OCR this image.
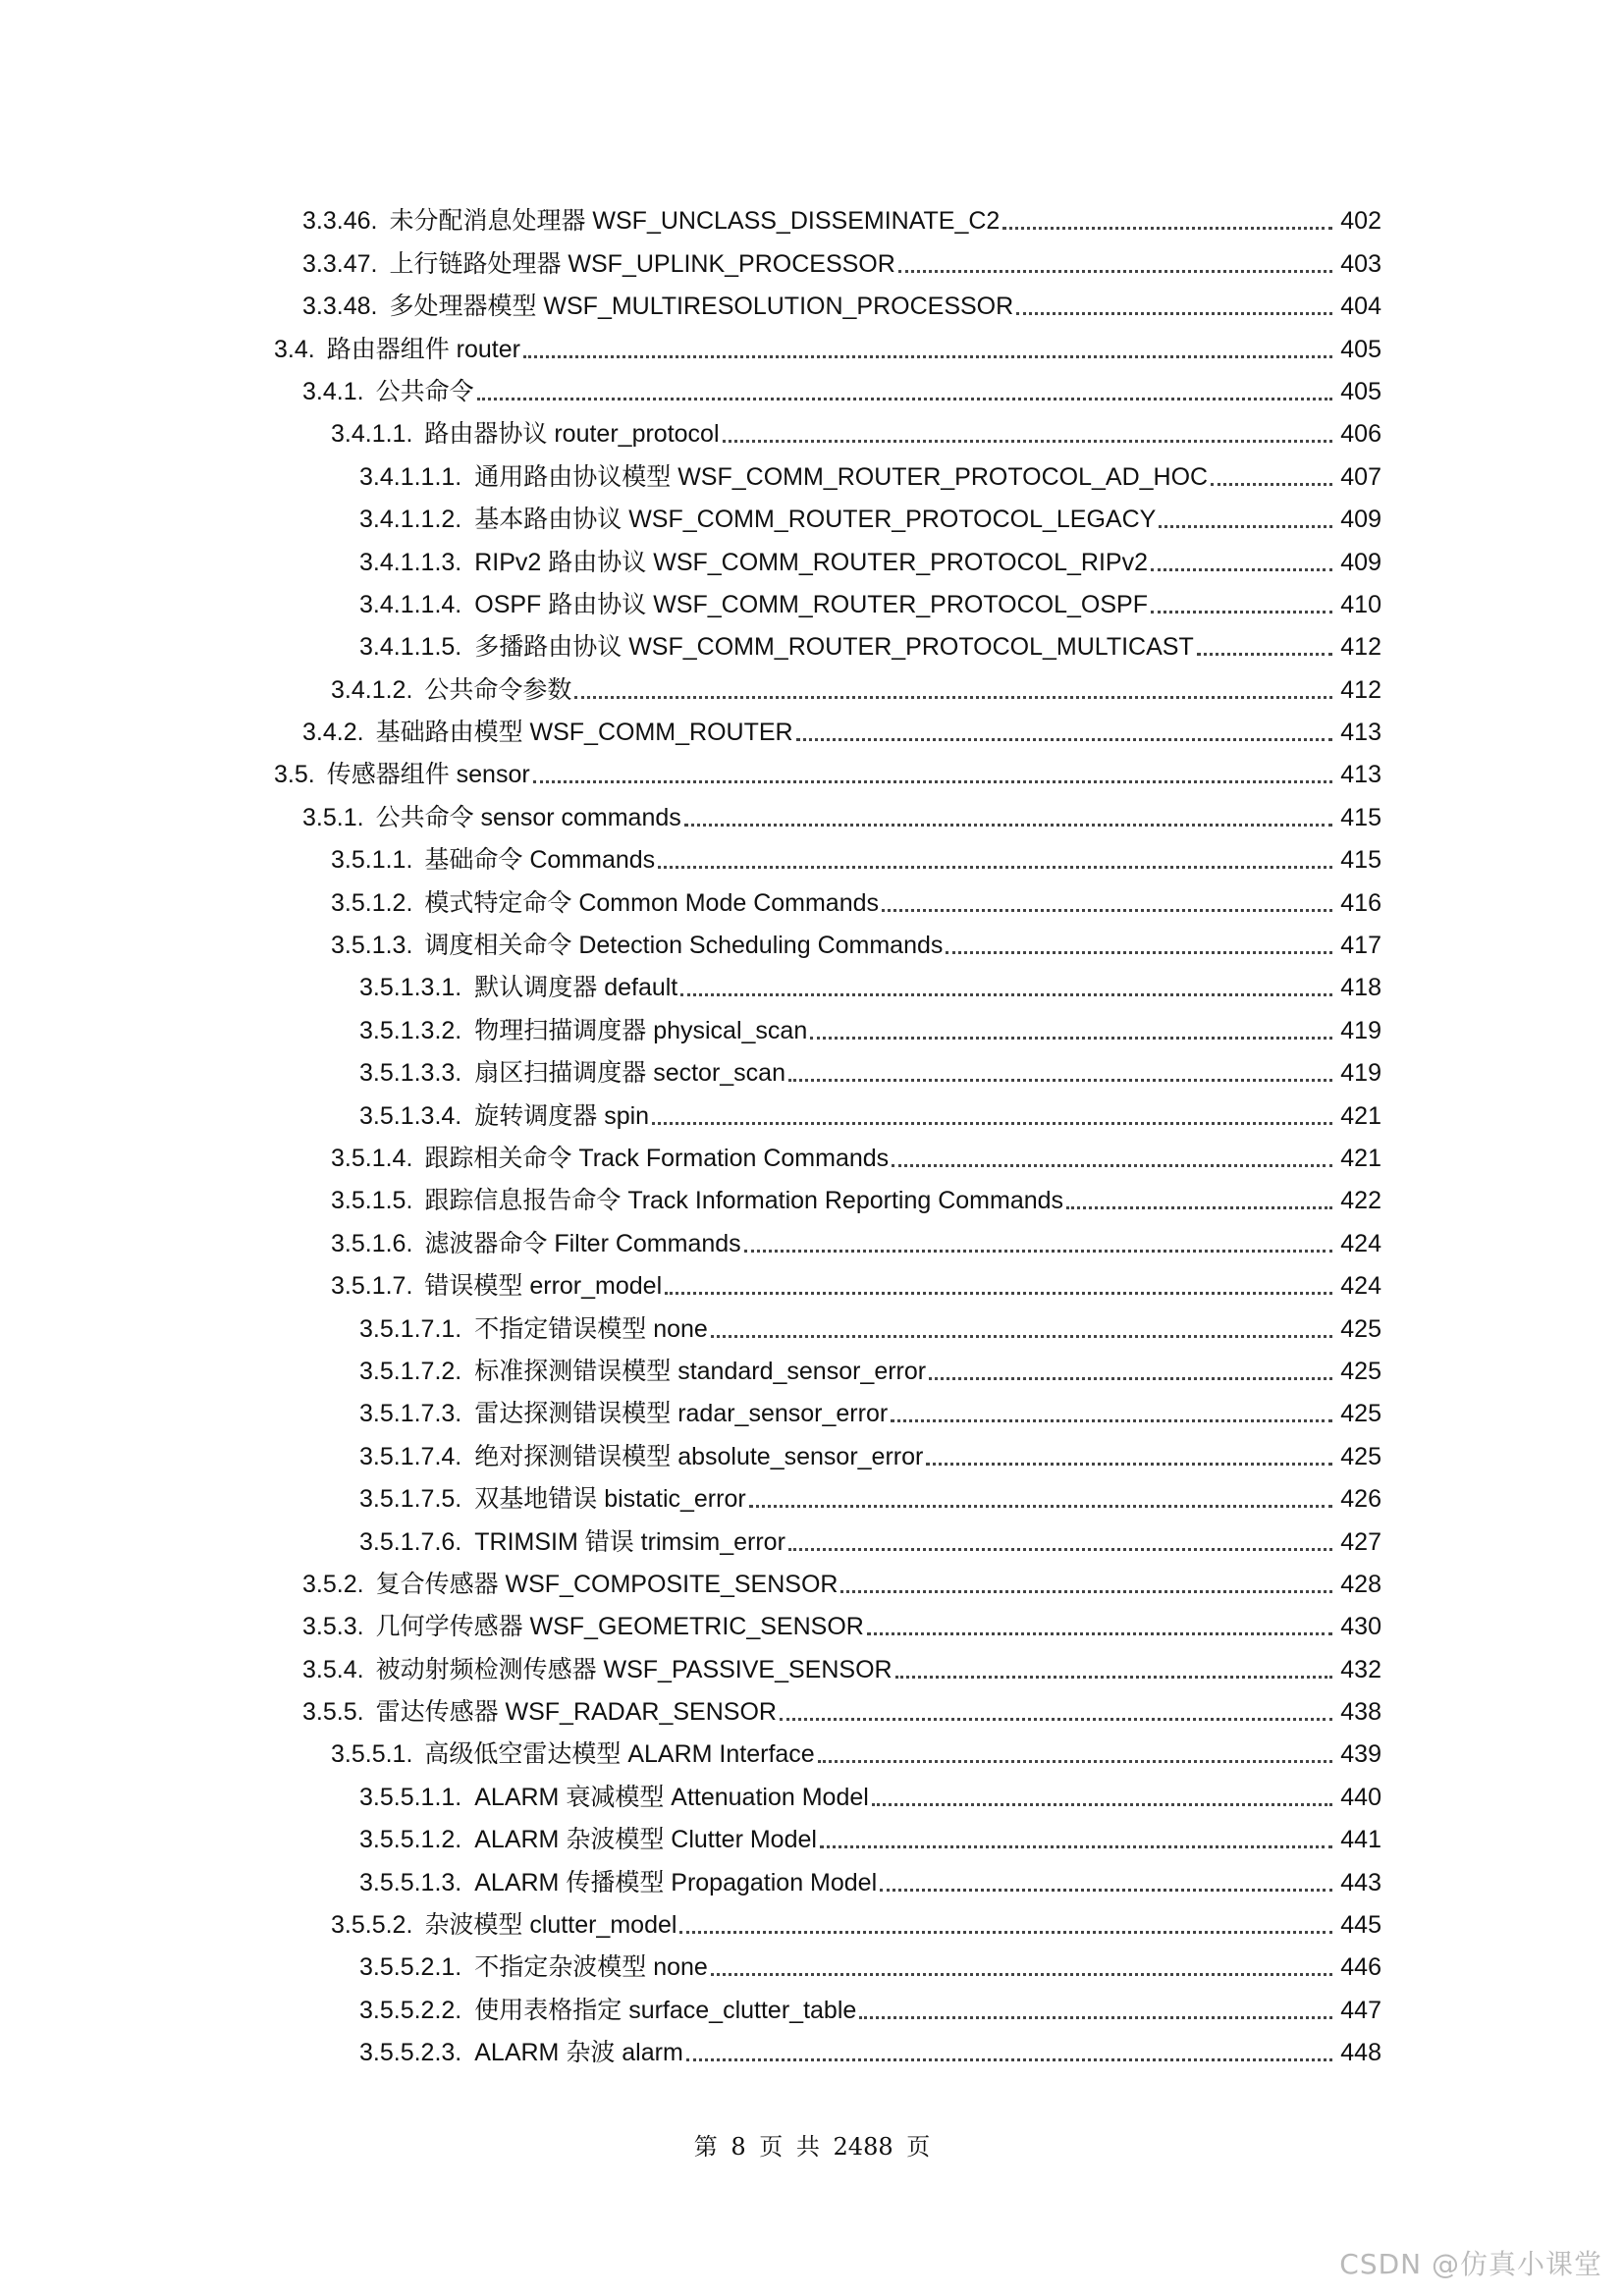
3.3.46. 未分配消息处理器 WSF_UNCLASS_DISSEMINATE_C2	402
3.3.47. 上行链路处理器 WSF_UPLINK_PROCESSOR	403
3.3.48. 多处理器模型 WSF_MULTIRESOLUTION_PROCESSOR	404
3.4. 路由器组件 router	405
3.4.1. 公共命令	405
3.4.1.1. 路由器协议 router_protocol	406
3.4.1.1.1. 通用路由协议模型 WSF_COMM_ROUTER_PROTOCOL_AD_HOC	407
3.4.1.1.2. 基本路由协议 WSF_COMM_ROUTER_PROTOCOL_LEGACY	409
3.4.1.1.3. RIPv2 路由协议 WSF_COMM_ROUTER_PROTOCOL_RIPv2	409
3.4.1.1.4. OSPF 路由协议 WSF_COMM_ROUTER_PROTOCOL_OSPF	410
3.4.1.1.5. 多播路由协议 WSF_COMM_ROUTER_PROTOCOL_MULTICAST	412
3.4.1.2. 公共命令参数	412
3.4.2. 基础路由模型 WSF_COMM_ROUTER	413
3.5. 传感器组件 sensor	413
3.5.1. 公共命令 sensor commands	415
3.5.1.1. 基础命令 Commands	415
3.5.1.2. 模式特定命令 Common Mode Commands	416
3.5.1.3. 调度相关命令 Detection Scheduling Commands	417
3.5.1.3.1. 默认调度器 default	418
3.5.1.3.2. 物理扫描调度器 physical_scan	419
3.5.1.3.3. 扇区扫描调度器 sector_scan	419
3.5.1.3.4. 旋转调度器 spin	421
3.5.1.4. 跟踪相关命令 Track Formation Commands	421
3.5.1.5. 跟踪信息报告命令 Track Information Reporting Commands	422
3.5.1.6. 滤波器命令 Filter Commands	424
3.5.1.7. 错误模型 error_model	424
3.5.1.7.1. 不指定错误模型 none	425
3.5.1.7.2. 标准探测错误模型 standard_sensor_error	425
3.5.1.7.3. 雷达探测错误模型 radar_sensor_error	425
3.5.1.7.4. 绝对探测错误模型 absolute_sensor_error	425
3.5.1.7.5. 双基地错误 bistatic_error	426
3.5.1.7.6. TRIMSIM 错误 trimsim_error	427
3.5.2. 复合传感器 WSF_COMPOSITE_SENSOR	428
3.5.3. 几何学传感器 WSF_GEOMETRIC_SENSOR	430
3.5.4. 被动射频检测传感器 WSF_PASSIVE_SENSOR	432
3.5.5. 雷达传感器 WSF_RADAR_SENSOR	438
3.5.5.1. 高级低空雷达模型 ALARM Interface	439
3.5.5.1.1. ALARM 衰减模型 Attenuation Model	440
3.5.5.1.2. ALARM 杂波模型 Clutter Model	441
3.5.5.1.3. ALARM 传播模型 Propagation Model	443
3.5.5.2. 杂波模型 clutter_model	445
3.5.5.2.1. 不指定杂波模型 none	446
3.5.5.2.2. 使用表格指定 surface_clutter_table	447
3.5.5.2.3. ALARM 杂波 alarm	448
第 8 页 共 2488 页
CSDN @仿真小课堂
